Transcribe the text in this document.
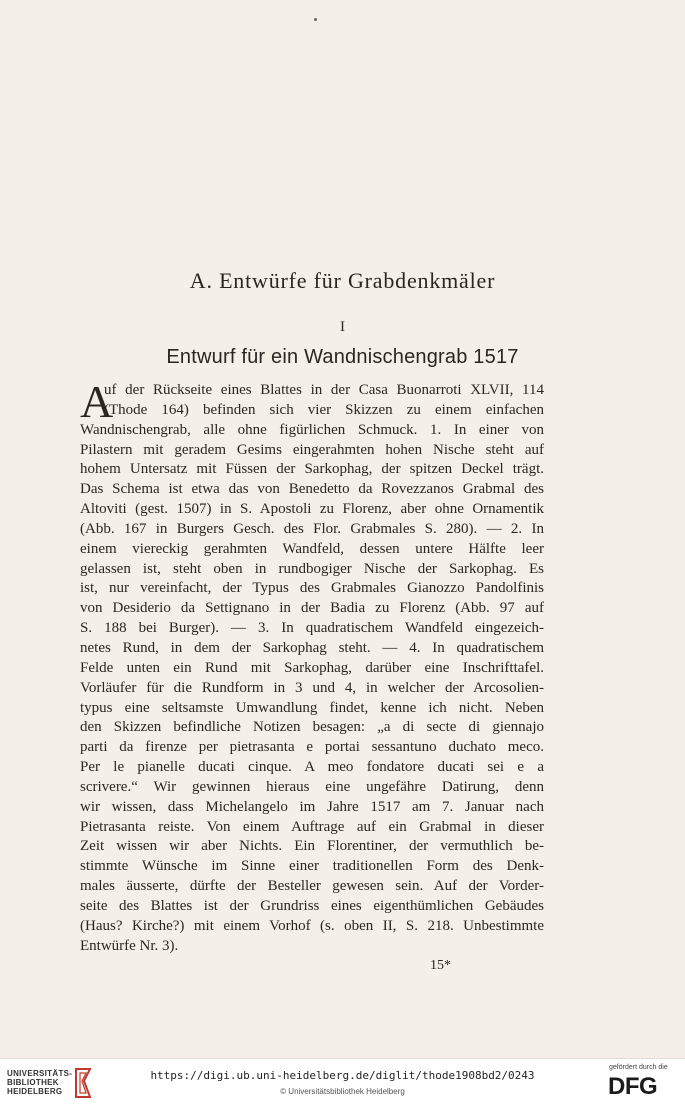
A. Entwürfe für Grabdenkmäler
I
Entwurf für ein Wandnischengrab 1517
A
uf der Rückseite eines Blattes in der Casa Buonarroti XLVII, 114
(Thode 164) befinden sich vier Skizzen zu einem einfachen
Wandnischengrab, alle ohne figürlichen Schmuck. 1. In einer von
Pilastern mit geradem Gesims eingerahmten hohen Nische steht auf
hohem Untersatz mit Füssen der Sarkophag, der spitzen Deckel trägt.
Das Schema ist etwa das von Benedetto da Rovezzanos Grabmal des
Altoviti (gest. 1507) in S. Apostoli zu Florenz, aber ohne Ornamentik
(Abb. 167 in Burgers Gesch. des Flor. Grabmales S. 280). — 2. In
einem viereckig gerahmten Wandfeld, dessen untere Hälfte leer
gelassen ist, steht oben in rundbogiger Nische der Sarkophag. Es
ist, nur vereinfacht, der Typus des Grabmales Gianozzo Pandolfinis
von Desiderio da Settignano in der Badia zu Florenz (Abb. 97 auf
S. 188 bei Burger). — 3. In quadratischem Wandfeld eingezeich-
netes Rund, in dem der Sarkophag steht. — 4. In quadratischem
Felde unten ein Rund mit Sarkophag, darüber eine Inschrifttafel.
Vorläufer für die Rundform in 3 und 4, in welcher der Arcosolien-
typus eine seltsamste Umwandlung findet, kenne ich nicht. Neben
den Skizzen befindliche Notizen besagen: „a di secte di giennajo
parti da firenze per pietrasanta e portai sessantuno duchato meco.
Per le pianelle ducati cinque. A meo fondatore ducati sei e a
scrivere.“ Wir gewinnen hieraus eine ungefähre Datirung, denn
wir wissen, dass Michelangelo im Jahre 1517 am 7. Januar nach
Pietrasanta reiste. Von einem Auftrage auf ein Grabmal in dieser
Zeit wissen wir aber Nichts. Ein Florentiner, der vermuthlich be-
stimmte Wünsche im Sinne einer traditionellen Form des Denk-
males äusserte, dürfte der Besteller gewesen sein. Auf der Vorder-
seite des Blattes ist der Grundriss eines eigenthümlichen Gebäudes
(Haus? Kirche?) mit einem Vorhof (s. oben II, S. 218. Unbestimmte
Entwürfe Nr. 3).
15*
UNIVERSITÄTS-
BIBLIOTHEK
HEIDELBERG
https://digi.ub.uni-heidelberg.de/diglit/thode1908bd2/0243
© Universitätsbibliothek Heidelberg
gefördert durch die
DFG
